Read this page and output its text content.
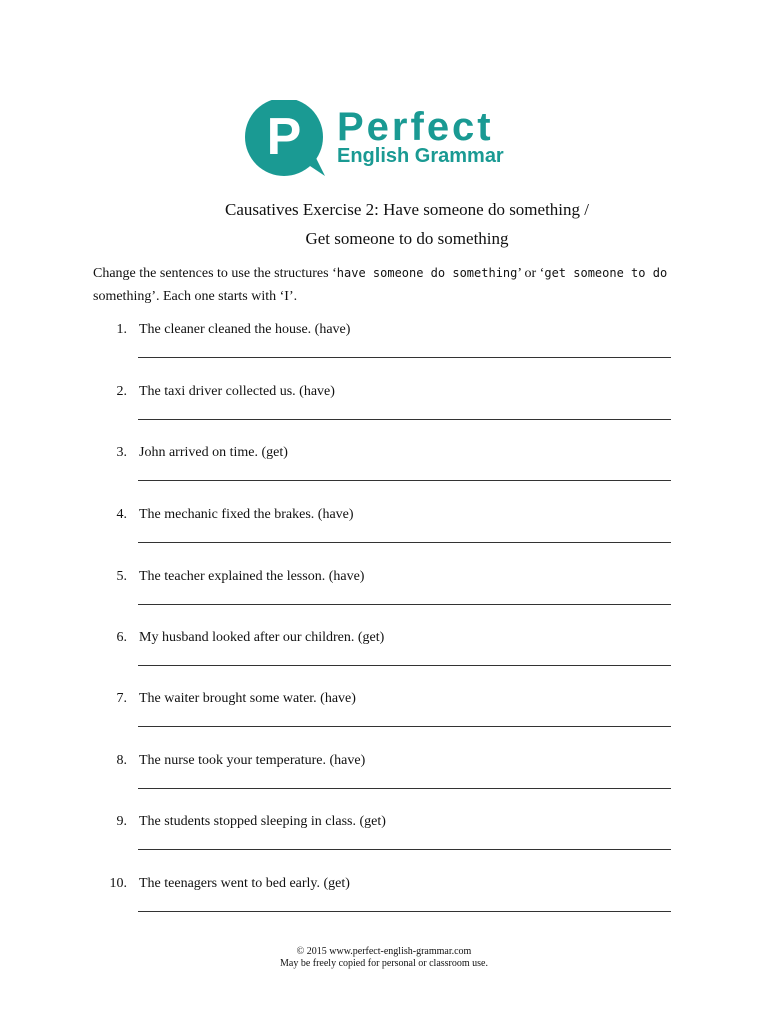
P Perfect
English Grammar
Causatives Exercise 2: Have someone do something /
Get someone to do something
Change the sentences to use the structures ‘have someone do something’ or ‘get someone to do something’. Each one starts with ‘I’.
1. The cleaner cleaned the house. (have)
2. The taxi driver collected us. (have)
3. John arrived on time. (get)
4. The mechanic fixed the brakes. (have)
5. The teacher explained the lesson. (have)
6. My husband looked after our children. (get)
7. The waiter brought some water. (have)
8. The nurse took your temperature. (have)
9. The students stopped sleeping in class. (get)
10. The teenagers went to bed early. (get)
© 2015 www.perfect-english-grammar.com
May be freely copied for personal or classroom use.
